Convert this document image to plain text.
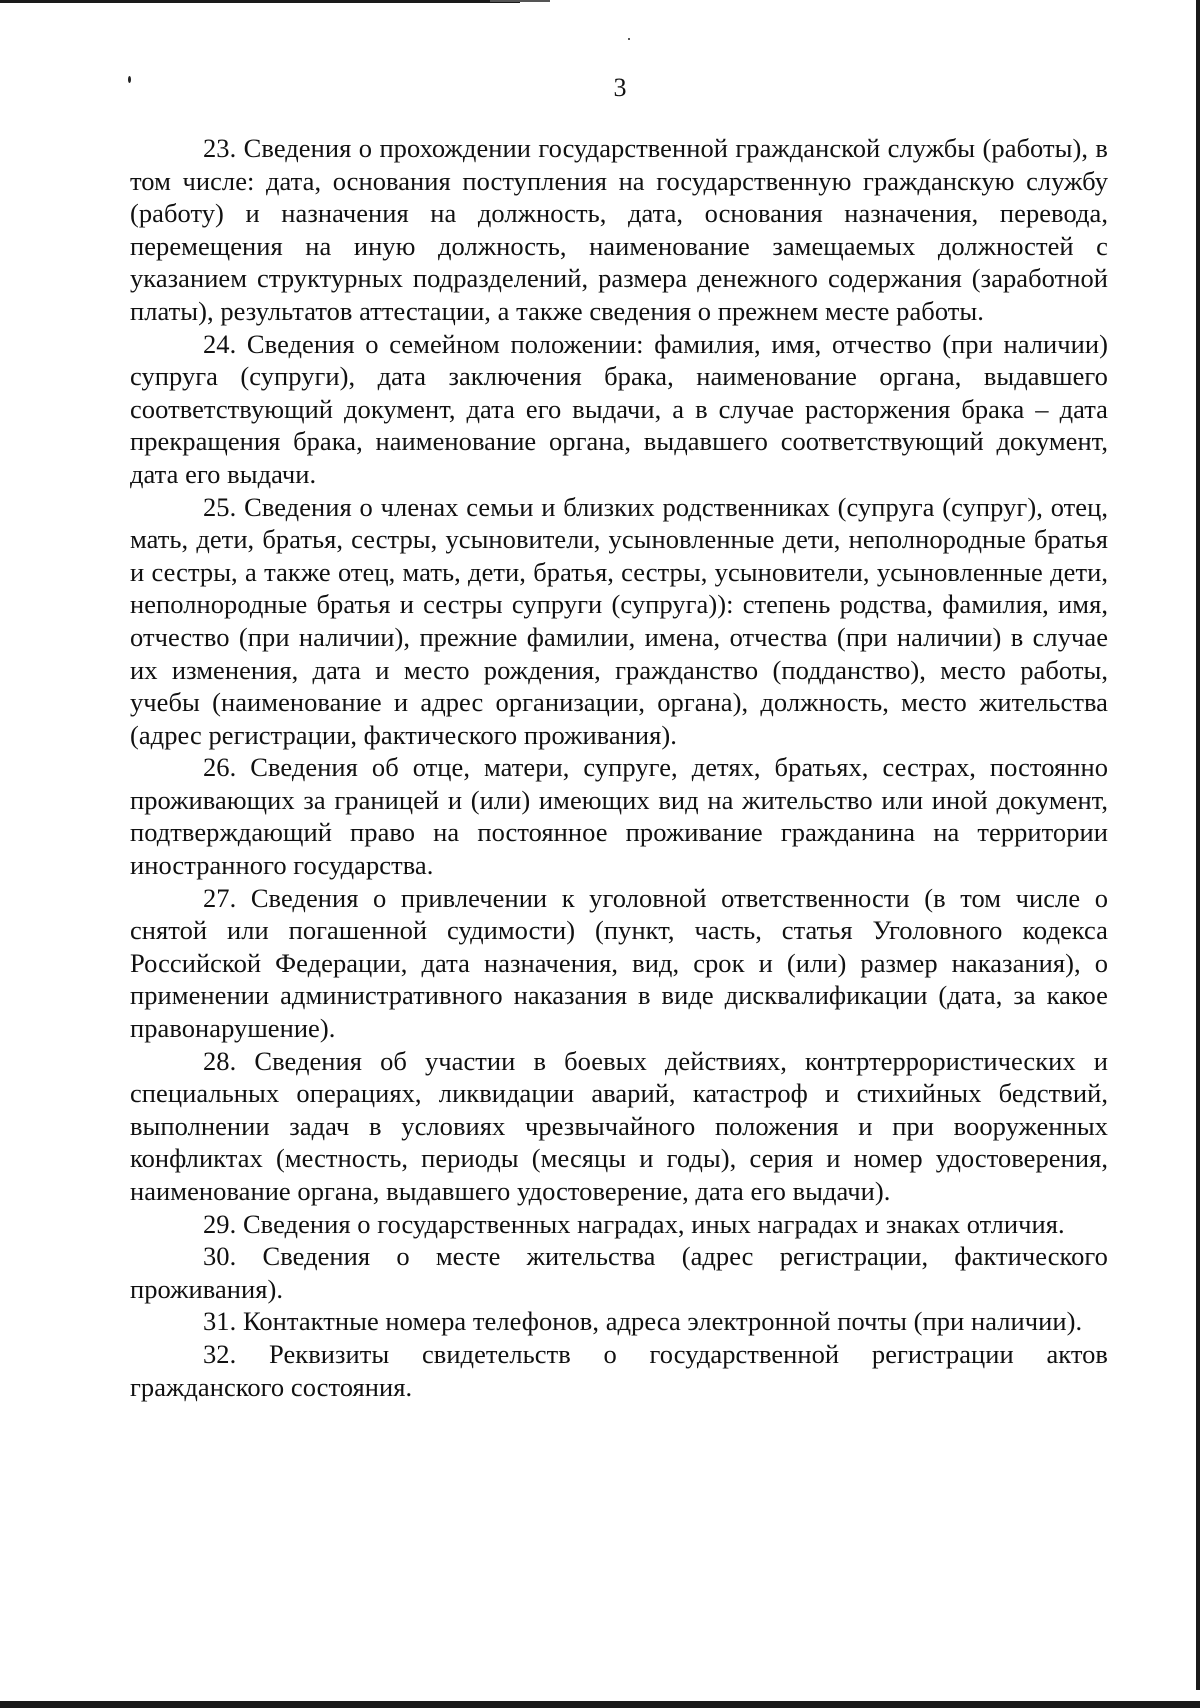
3

23. Сведения о прохождении государственной гражданской службы (работы), в том числе: дата, основания поступления на государственную гражданскую службу (работу) и назначения на должность, дата, основания назначения, перевода, перемещения на иную должность, наименование замещаемых должностей с указанием структурных подразделений, размера денежного содержания (заработной платы), результатов аттестации, а также сведения о прежнем месте работы.

24. Сведения о семейном положении: фамилия, имя, отчество (при наличии) супруга (супруги), дата заключения брака, наименование органа, выдавшего соответствующий документ, дата его выдачи, а в случае расторжения брака – дата прекращения брака, наименование органа, выдавшего соответствующий документ, дата его выдачи.

25. Сведения о членах семьи и близких родственниках (супруга (супруг), отец, мать, дети, братья, сестры, усыновители, усыновленные дети, неполнородные братья и сестры, а также отец, мать, дети, братья, сестры, усыновители, усыновленные дети, неполнородные братья и сестры супруги (супруга)): степень родства, фамилия, имя, отчество (при наличии), прежние фамилии, имена, отчества (при наличии) в случае их изменения, дата и место рождения, гражданство (подданство), место работы, учебы (наименование и адрес организации, органа), должность, место жительства (адрес регистрации, фактического проживания).

26. Сведения об отце, матери, супруге, детях, братьях, сестрах, постоянно проживающих за границей и (или) имеющих вид на жительство или иной документ, подтверждающий право на постоянное проживание гражданина на территории иностранного государства.

27. Сведения о привлечении к уголовной ответственности (в том числе о снятой или погашенной судимости) (пункт, часть, статья Уголовного кодекса Российской Федерации, дата назначения, вид, срок и (или) размер наказания), о применении административного наказания в виде дисквалификации (дата, за какое правонарушение).

28. Сведения об участии в боевых действиях, контртеррористических и специальных операциях, ликвидации аварий, катастроф и стихийных бедствий, выполнении задач в условиях чрезвычайного положения и при вооруженных конфликтах (местность, периоды (месяцы и годы), серия и номер удостоверения, наименование органа, выдавшего удостоверение, дата его выдачи).

29. Сведения о государственных наградах, иных наградах и знаках отличия.

30. Сведения о месте жительства (адрес регистрации, фактического проживания).

31. Контактные номера телефонов, адреса электронной почты (при наличии).

32. Реквизиты свидетельств о государственной регистрации актов гражданского состояния.
